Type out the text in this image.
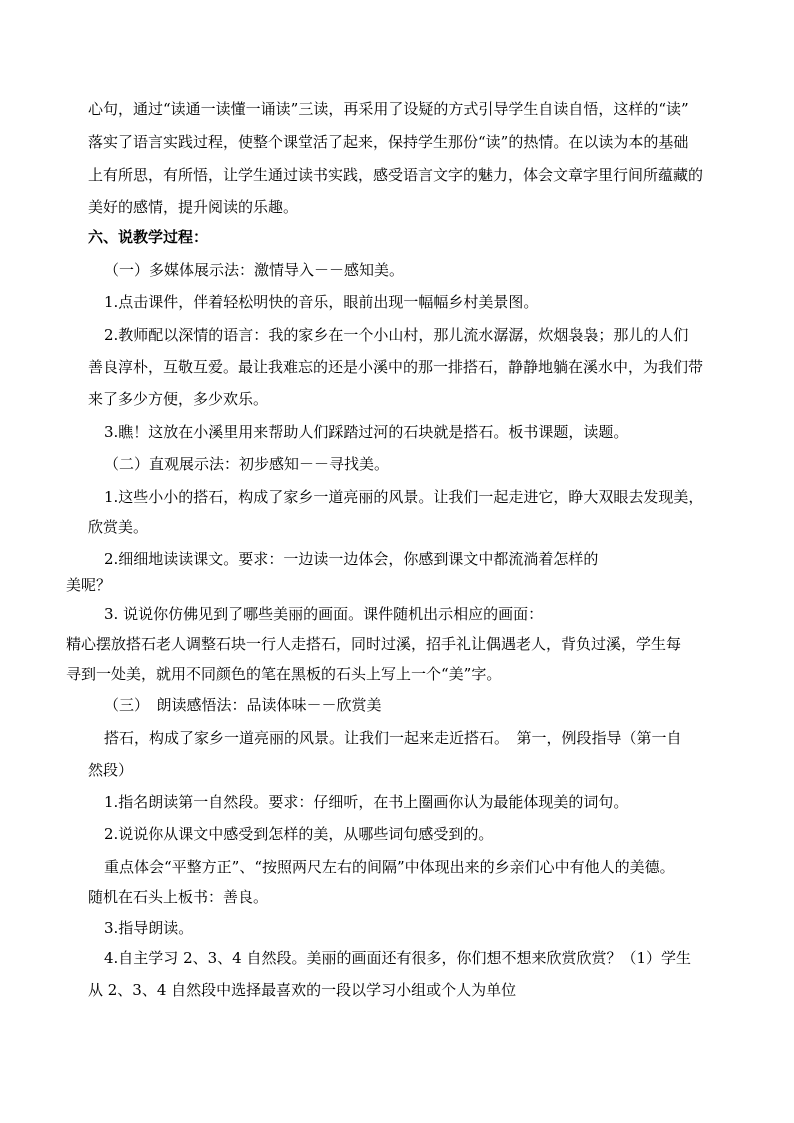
心句，通过“读通一读懂一诵读”三读，再采用了设疑的方式引导学生自读自悟，这样的“读”
落实了语言实践过程，使整个课堂活了起来，保持学生那份“读”的热情。在以读为本的基础
上有所思，有所悟，让学生通过读书实践，感受语言文字的魅力，体会文章字里行间所蕴藏的
美好的感情，提升阅读的乐趣。
六、说教学过程：
（一）多媒体展示法：激情导入－－感知美。
1.点击课件，伴着轻松明快的音乐，眼前出现一幅幅乡村美景图。
2.教师配以深情的语言：我的家乡在一个小山村，那儿流水潺潺，炊烟袅袅；那儿的人们
善良淳朴，互敬互爱。最让我难忘的还是小溪中的那一排搭石，静静地躺在溪水中，为我们带
来了多少方便，多少欢乐。
3.瞧！这放在小溪里用来帮助人们踩踏过河的石块就是搭石。板书课题，读题。
（二）直观展示法：初步感知－－寻找美。
1.这些小小的搭石，构成了家乡一道亮丽的风景。让我们一起走进它，睁大双眼去发现美，
欣赏美。
2.细细地读读课文。要求：一边读一边体会，你感到课文中都流淌着怎样的
美呢？
3. 说说你仿佛见到了哪些美丽的画面。课件随机出示相应的画面：
精心摆放搭石老人调整石块一行人走搭石，同时过溪，招手礼让偶遇老人，背负过溪，学生每
寻到一处美，就用不同颜色的笔在黑板的石头上写上一个“美”字。
（三）　朗读感悟法：品读体味－－欣赏美
搭石，构成了家乡一道亮丽的风景。让我们一起来走近搭石。　第一，例段指导（第一自
然段）
1.指名朗读第一自然段。要求：仔细听，在书上圈画你认为最能体现美的词句。
2.说说你从课文中感受到怎样的美，从哪些词句感受到的。
重点体会“平整方正”、“按照两尺左右的间隔”中体现出来的乡亲们心中有他人的美德。
随机在石头上板书：善良。
3.指导朗读。
4.自主学习 2、3、4 自然段。美丽的画面还有很多，你们想不想来欣赏欣赏？（1）学生
从 2、3、4 自然段中选择最喜欢的一段以学习小组或个人为单位
